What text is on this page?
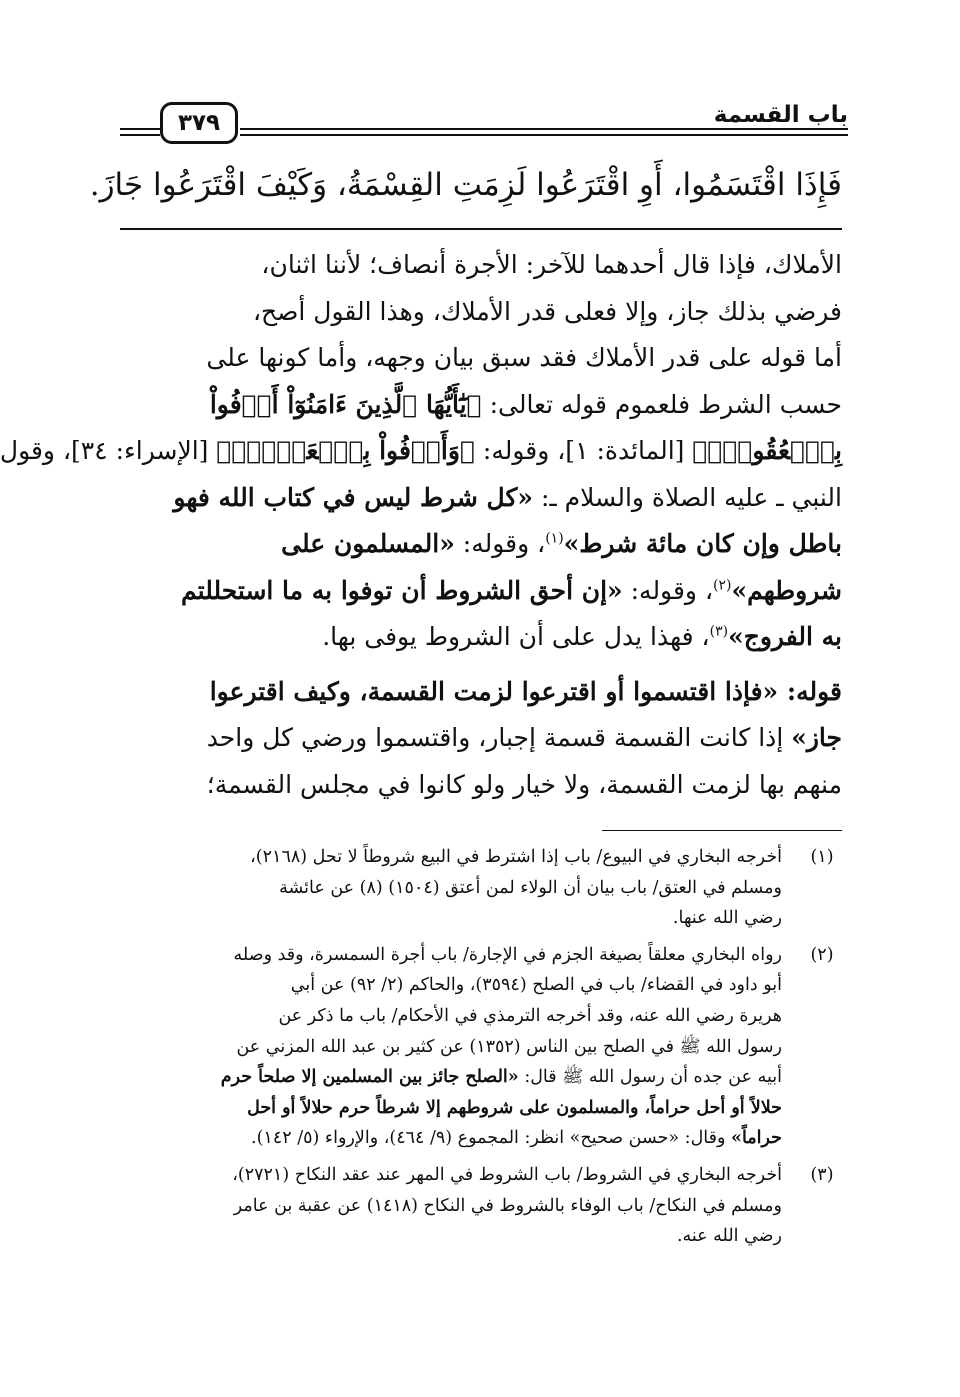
باب القسمة
٣٧٩
فَإِذَا اقْتَسَمُوا، أَوِ اقْتَرَعُوا لَزِمَتِ القِسْمَةُ، وَكَيْفَ اقْتَرَعُوا جَازَ.
الأملاك، فإذا قال أحدهما للآخر: الأجرة أنصاف؛ لأننا اثنان،
فرضي بذلك جاز، وإلا فعلى قدر الأملاك، وهذا القول أصح،
أما قوله على قدر الأملاك فقد سبق بيان وجهه، وأما كونها على
حسب الشرط فلعموم قوله تعالى: ﴿يَٰٓأَيُّهَا ٱلَّذِينَ ءَامَنُوٓاْ أَوۡفُواْ
بِٱلۡعُقُودِۚ﴾ [المائدة: ١]، وقوله: ﴿وَأَوۡفُواْ بِٱلۡعَهۡدِۖ﴾ [الإسراء: ٣٤]، وقول
النبي ـ عليه الصلاة والسلام ـ: «كل شرط ليس في كتاب الله فهو
باطل وإن كان مائة شرط»$^{(١)}$، وقوله: «المسلمون على
شروطهم»$^{(٢)}$، وقوله: «إن أحق الشروط أن توفوا به ما استحللتم
به الفروج»$^{(٣)}$، فهذا يدل على أن الشروط يوفى بها.
قوله: «فإذا اقتسموا أو اقترعوا لزمت القسمة، وكيف اقترعوا
جاز» إذا كانت القسمة قسمة إجبار، واقتسموا ورضي كل واحد
منهم بها لزمت القسمة، ولا خيار ولو كانوا في مجلس القسمة؛
(١)
أخرجه البخاري في البيوع/ باب إذا اشترط في البيع شروطاً لا تحل (٢١٦٨)،
ومسلم في العتق/ باب بيان أن الولاء لمن أعتق (١٥٠٤) (٨) عن عائشة
رضي الله عنها.
(٢)
رواه البخاري معلقاً بصيغة الجزم في الإجارة/ باب أجرة السمسرة، وقد وصله
أبو داود في القضاء/ باب في الصلح (٣٥٩٤)، والحاكم (٢/ ٩٢) عن أبي
هريرة رضي الله عنه، وقد أخرجه الترمذي في الأحكام/ باب ما ذكر عن
رسول الله ﷺ في الصلح بين الناس (١٣٥٢) عن كثير بن عبد الله المزني عن
أبيه عن جده أن رسول الله ﷺ قال: «الصلح جائز بين المسلمين إلا صلحاً حرم
حلالاً أو أحل حراماً، والمسلمون على شروطهم إلا شرطاً حرم حلالاً أو أحل
حراماً» وقال: «حسن صحيح» انظر: المجموع (٩/ ٤٦٤)، والإرواء (٥/ ١٤٢).
(٣)
أخرجه البخاري في الشروط/ باب الشروط في المهر عند عقد النكاح (٢٧٢١)،
ومسلم في النكاح/ باب الوفاء بالشروط في النكاح (١٤١٨) عن عقبة بن عامر
رضي الله عنه.
